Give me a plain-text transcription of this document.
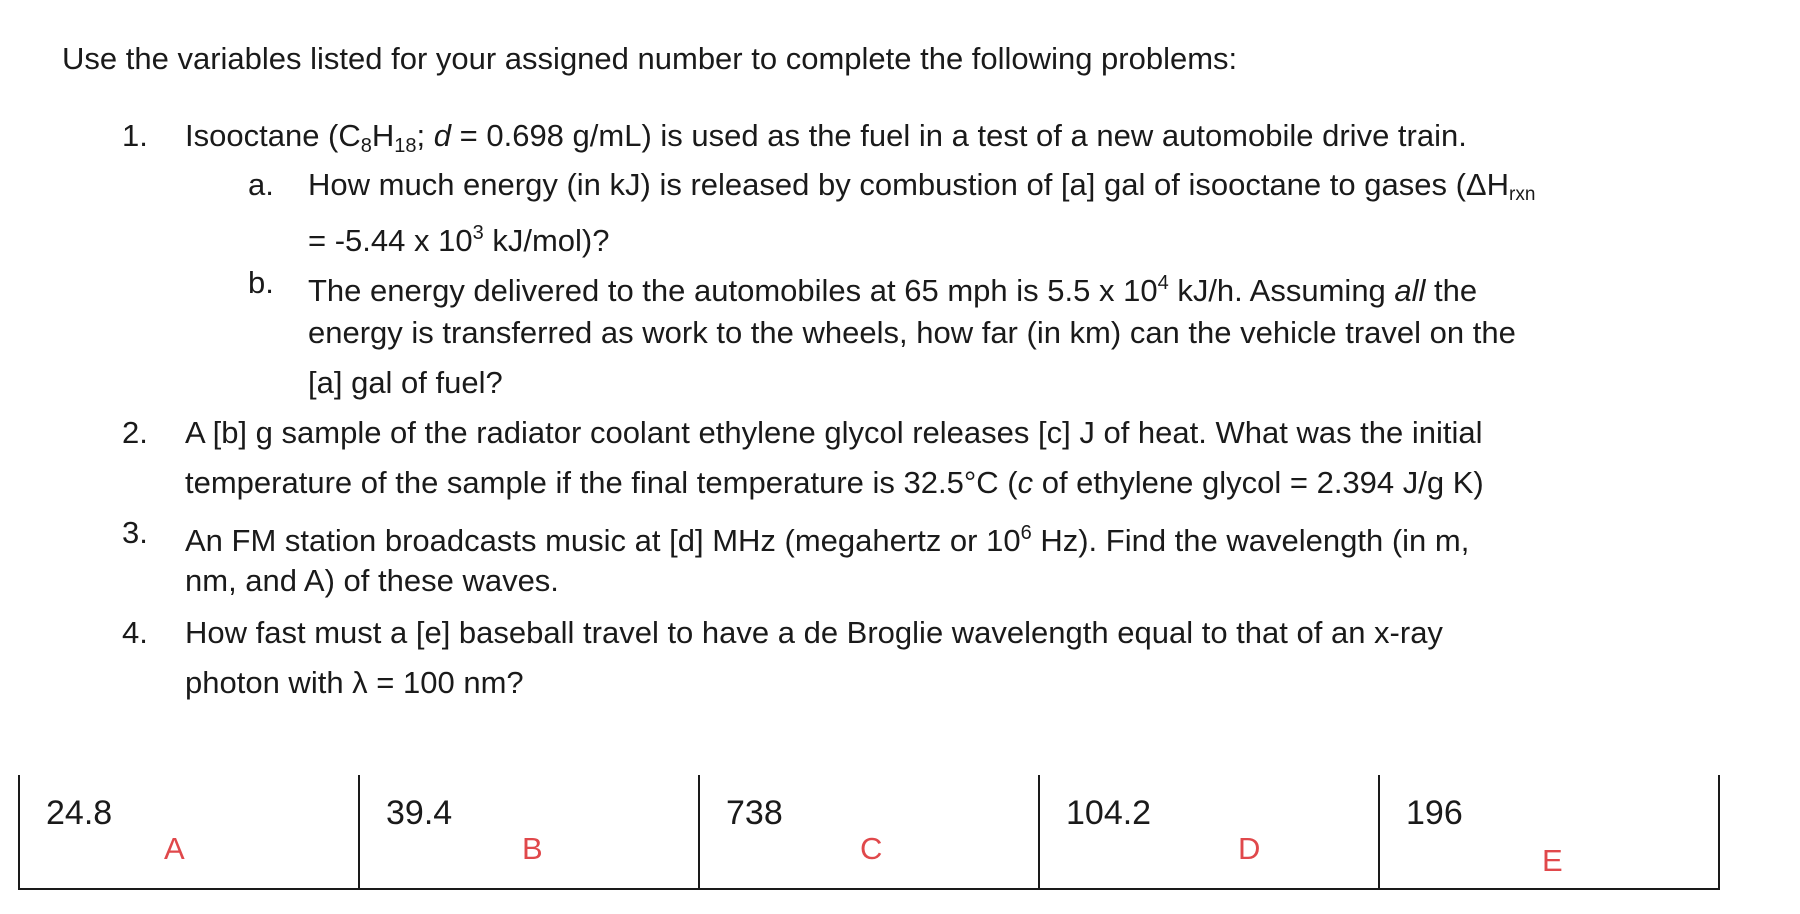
Use the variables listed for your assigned number to complete the following problems:
1. Isooctane ($C_8H_{18}$; d = 0.698 g/mL) is used as the fuel in a test of a new automobile drive train.
a. How much energy (in kJ) is released by combustion of [a] gal of isooctane to gases (ΔHrxn
= -5.44 x $10^3$ kJ/mol)?
b. The energy delivered to the automobiles at 65 mph is 5.5 x $10^4$ kJ/h. Assuming all the
energy is transferred as work to the wheels, how far (in km) can the vehicle travel on the
[a] gal of fuel?
2. A [b] g sample of the radiator coolant ethylene glycol releases [c] J of heat. What was the initial
temperature of the sample if the final temperature is 32.5°C (c of ethylene glycol = 2.394 J/g K)
3. An FM station broadcasts music at [d] MHz (megahertz or $10^6$ Hz). Find the wavelength (in m,
nm, and A) of these waves.
4. How fast must a [e] baseball travel to have a de Broglie wavelength equal to that of an x-ray
photon with λ = 100 nm?
24.8
A
39.4
B
738
C
104.2
D
196
E
